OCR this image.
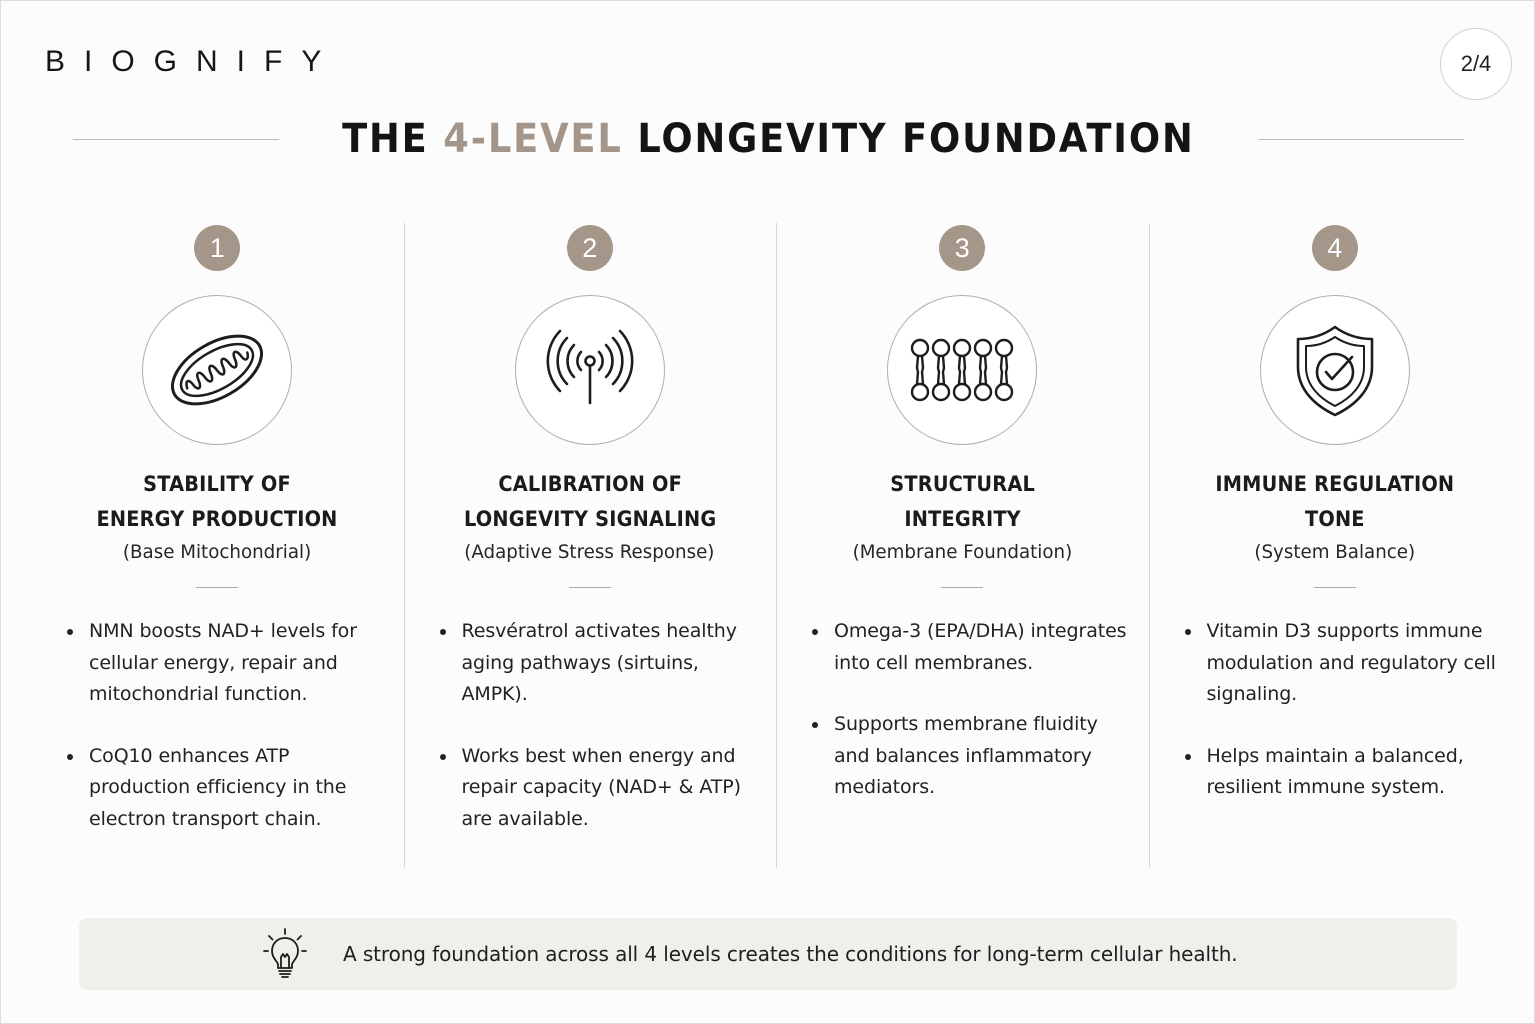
BIOGNIFY	2/4
THE 4-LEVEL LONGEVITY FOUNDATION
1
STABILITY OF
ENERGY PRODUCTION
(Base Mitochondrial)
NMN boosts NAD+ levels for cellular energy, repair and mitochondrial function.
CoQ10 enhances ATP production efficiency in the electron transport chain.
2
CALIBRATION OF
LONGEVITY SIGNALING
(Adaptive Stress Response)
Resvératrol activates healthy aging pathways (sirtuins, AMPK).
Works best when energy and repair capacity (NAD+ & ATP) are available.
3
STRUCTURAL
INTEGRITY
(Membrane Foundation)
Omega-3 (EPA/DHA) integrates into cell membranes.
Supports membrane fluidity and balances inflammatory mediators.
4
IMMUNE REGULATION
TONE
(System Balance)
Vitamin D3 supports immune modulation and regulatory cell signaling.
Helps maintain a balanced, resilient immune system.
A strong foundation across all 4 levels creates the conditions for long-term cellular health.
